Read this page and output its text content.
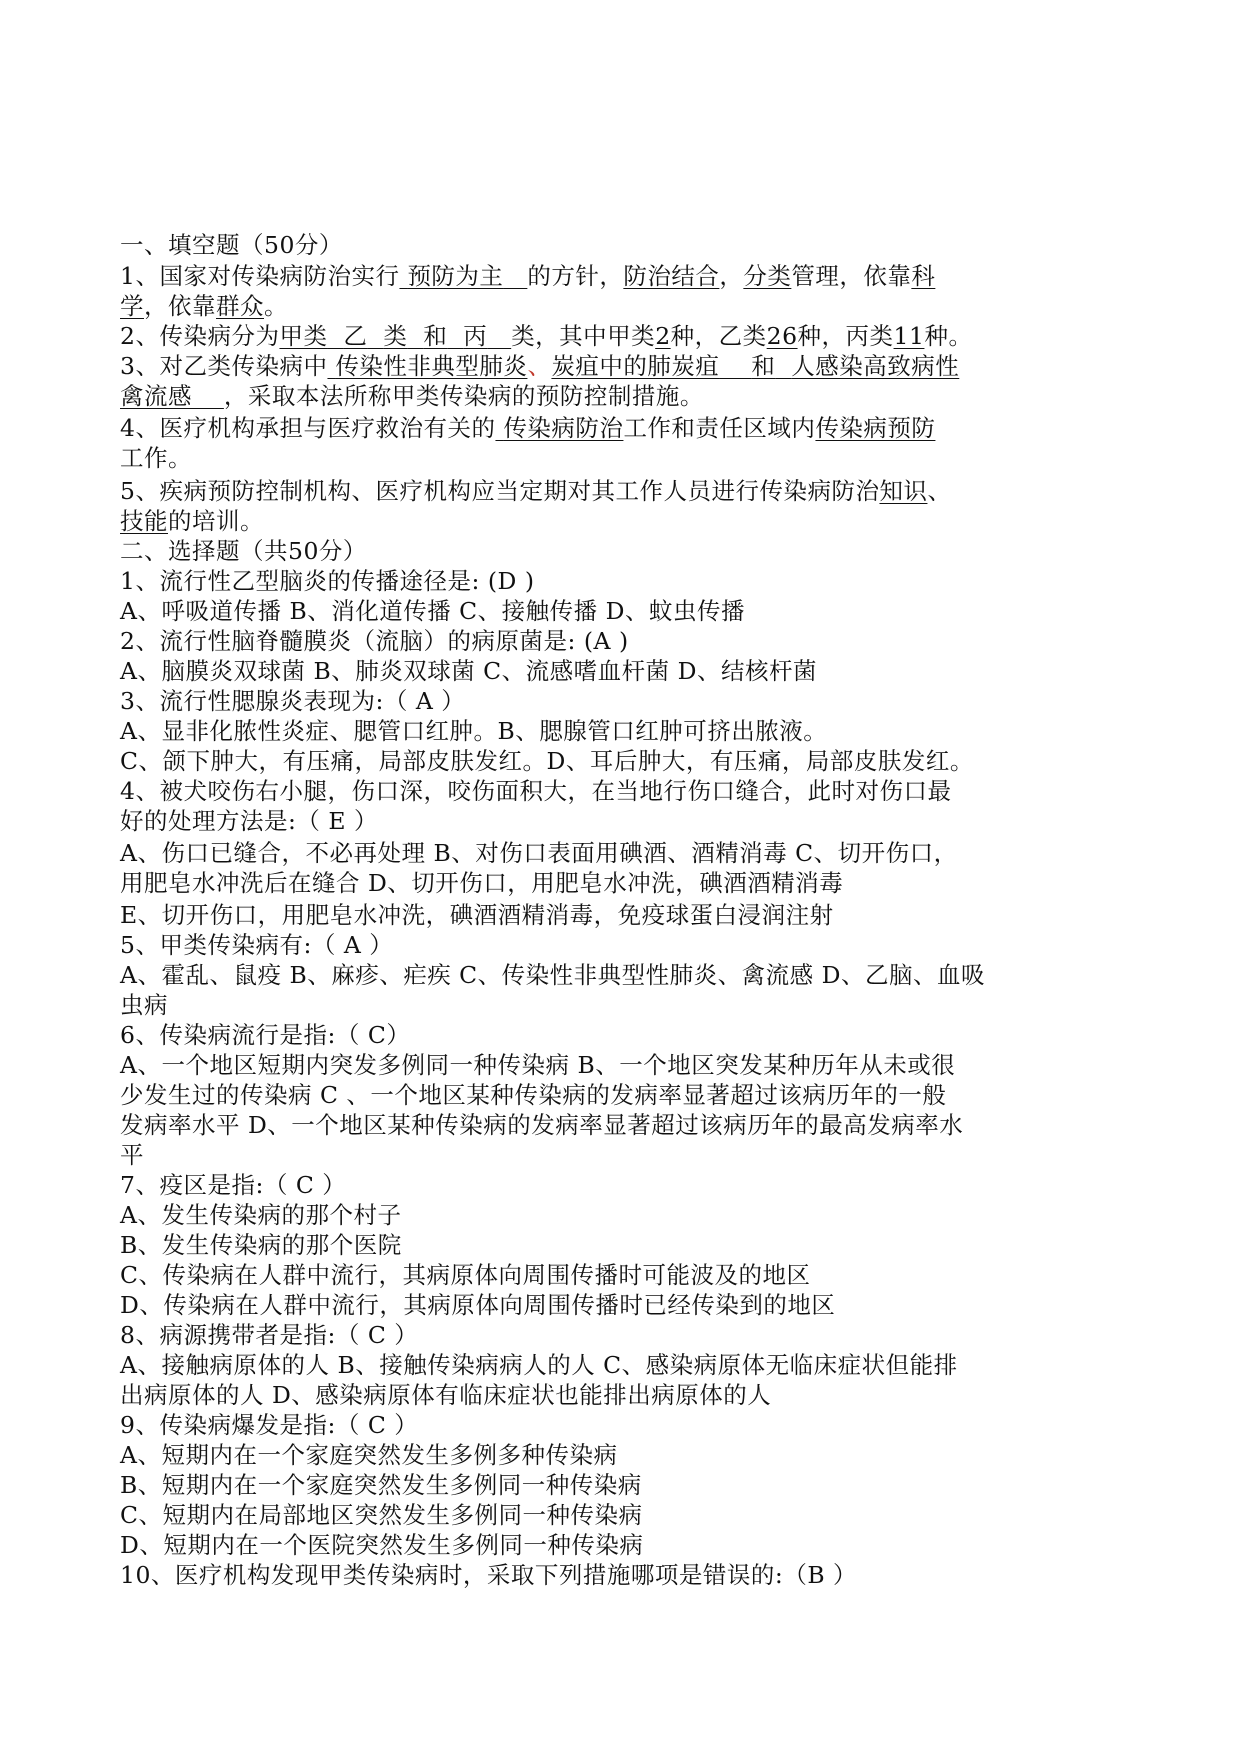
一、填空题（50分）
1、国家对传染病防治实行 预防为主 的方针，防治结合，分类管理，依靠科
学，依靠群众。
2、传染病分为甲类 乙 类 和 丙 类，其中甲类2种，乙类26种，丙类11种。
3、对乙类传染病中 传染性非典型肺炎、炭疽中的肺炭疽 和 人感染高致病性
禽流感 ，采取本法所称甲类传染病的预防控制措施。
4、医疗机构承担与医疗救治有关的 传染病防治工作和责任区域内传染病预防
工作。
5、疾病预防控制机构、医疗机构应当定期对其工作人员进行传染病防治知识、
技能的培训。
二、选择题（共50分）
1、流行性乙型脑炎的传播途径是: (D )
A、呼吸道传播 B、消化道传播 C、接触传播 D、蚊虫传播
2、流行性脑脊髓膜炎（流脑）的病原菌是: (A )
A、脑膜炎双球菌 B、肺炎双球菌 C、流感嗜血杆菌 D、结核杆菌
3、流行性腮腺炎表现为:（ A ）
A、显非化脓性炎症、腮管口红肿。B、腮腺管口红肿可挤出脓液。
C、颌下肿大，有压痛，局部皮肤发红。D、耳后肿大，有压痛，局部皮肤发红。
4、被犬咬伤右小腿，伤口深，咬伤面积大，在当地行伤口缝合，此时对伤口最
好的处理方法是:（ E ）
A、伤口已缝合，不必再处理 B、对伤口表面用碘酒、酒精消毒 C、切开伤口，
用肥皂水冲洗后在缝合 D、切开伤口，用肥皂水冲洗，碘酒酒精消毒
E、切开伤口，用肥皂水冲洗，碘酒酒精消毒，免疫球蛋白浸润注射
5、甲类传染病有:（ A ）
A、霍乱、鼠疫 B、麻疹、疟疾 C、传染性非典型性肺炎、禽流感 D、乙脑、血吸
虫病
6、传染病流行是指:（ C）
A、一个地区短期内突发多例同一种传染病 B、一个地区突发某种历年从未或很
少发生过的传染病 C 、一个地区某种传染病的发病率显著超过该病历年的一般
发病率水平 D、一个地区某种传染病的发病率显著超过该病历年的最高发病率水
平
7、疫区是指:（ C ）
A、发生传染病的那个村子
B、发生传染病的那个医院
C、传染病在人群中流行，其病原体向周围传播时可能波及的地区
D、传染病在人群中流行，其病原体向周围传播时已经传染到的地区
8、病源携带者是指:（ C ）
A、接触病原体的人 B、接触传染病病人的人 C、感染病原体无临床症状但能排
出病原体的人 D、感染病原体有临床症状也能排出病原体的人
9、传染病爆发是指:（ C ）
A、短期内在一个家庭突然发生多例多种传染病
B、短期内在一个家庭突然发生多例同一种传染病
C、短期内在局部地区突然发生多例同一种传染病
D、短期内在一个医院突然发生多例同一种传染病
10、医疗机构发现甲类传染病时，采取下列措施哪项是错误的:（B ）
